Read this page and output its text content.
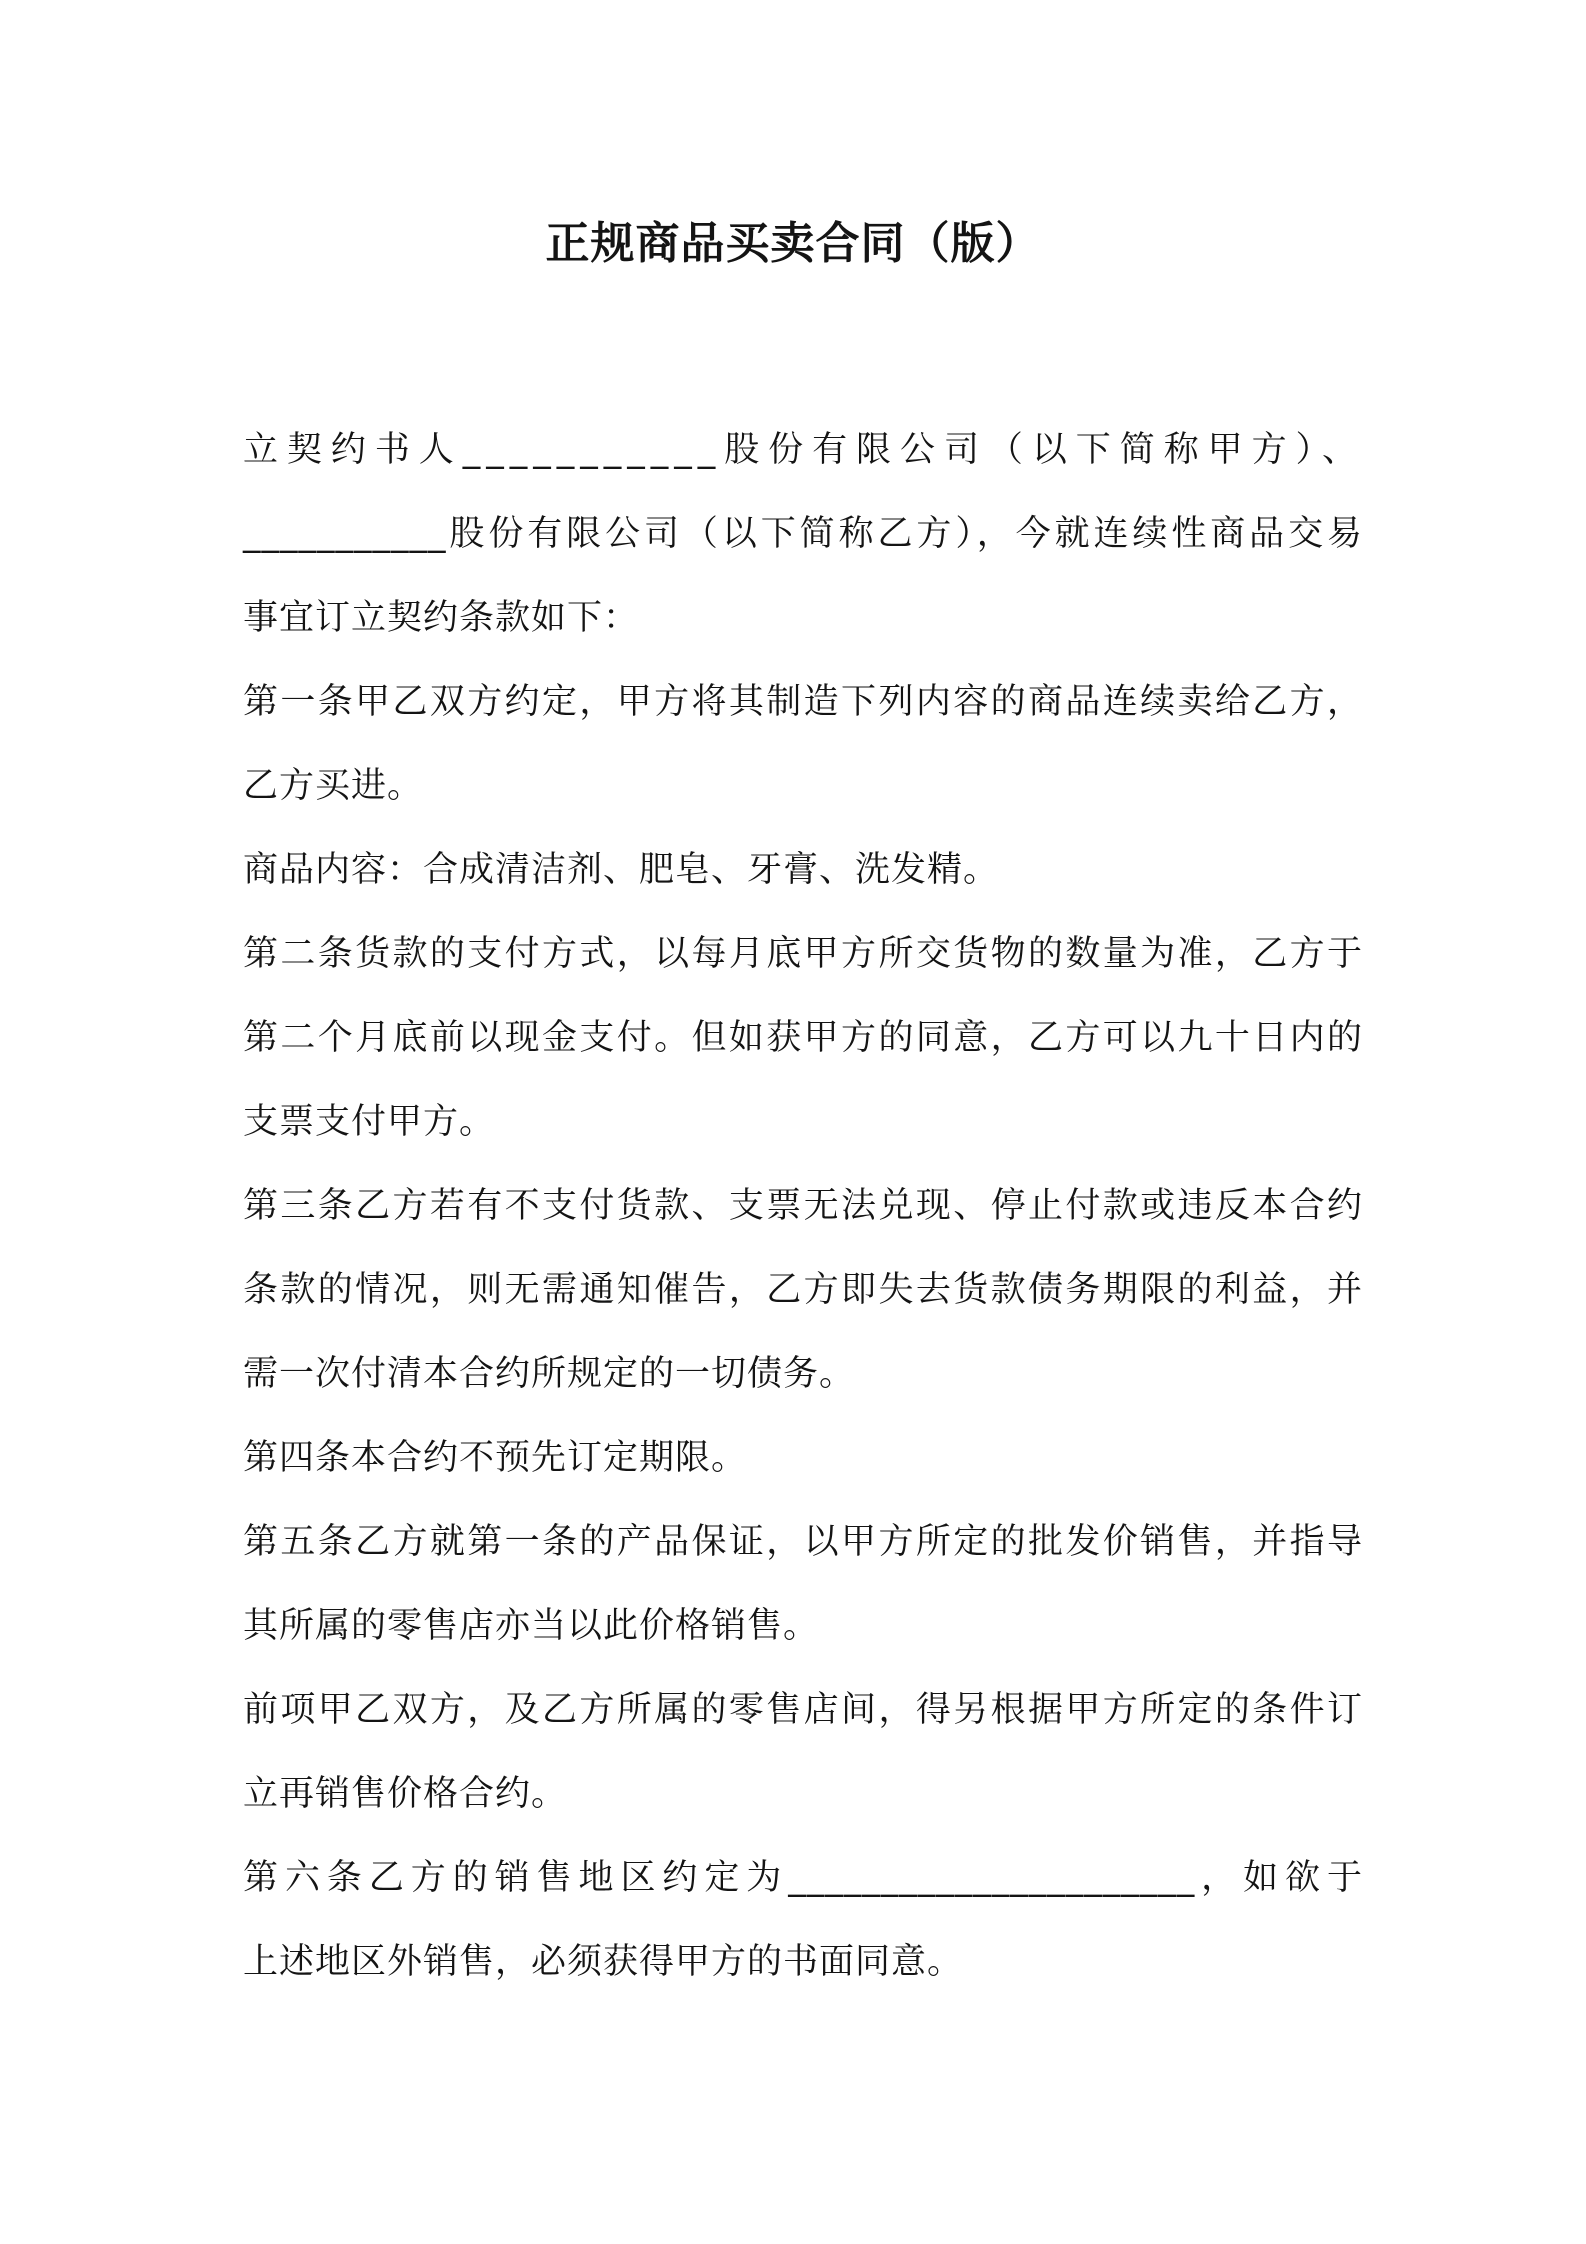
正规商品买卖合同（版）
立契约书人___________股份有限公司（以下简称甲方）、
___________股份有限公司（以下简称乙方），今就连续性商品交易
事宜订立契约条款如下：
第一条甲乙双方约定，甲方将其制造下列内容的商品连续卖给乙方，
乙方买进。
商品内容：合成清洁剂、肥皂、牙膏、洗发精。
第二条货款的支付方式，以每月底甲方所交货物的数量为准，乙方于
第二个月底前以现金支付。但如获甲方的同意，乙方可以九十日内的
支票支付甲方。
第三条乙方若有不支付货款、支票无法兑现、停止付款或违反本合约
条款的情况，则无需通知催告，乙方即失去货款债务期限的利益，并
需一次付清本合约所规定的一切债务。
第四条本合约不预先订定期限。
第五条乙方就第一条的产品保证，以甲方所定的批发价销售，并指导
其所属的零售店亦当以此价格销售。
前项甲乙双方，及乙方所属的零售店间，得另根据甲方所定的条件订
立再销售价格合约。
第六条乙方的销售地区约定为______________________，如欲于
上述地区外销售，必须获得甲方的书面同意。
